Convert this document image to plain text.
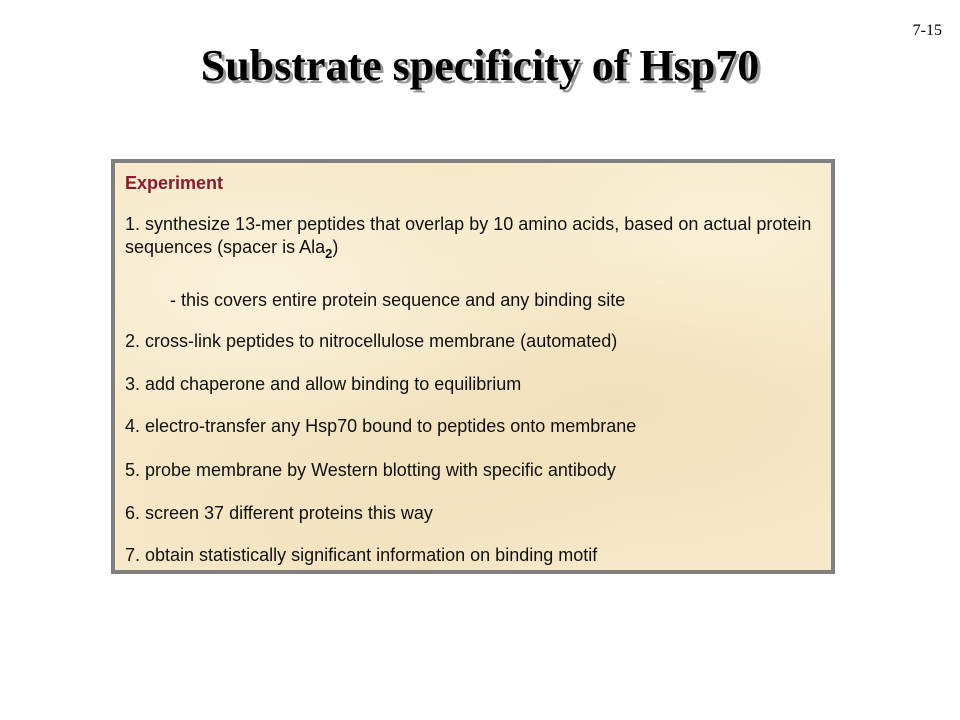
7-15
Substrate specificity of Hsp70
Experiment
1. synthesize 13-mer peptides that overlap by 10 amino acids, based on actual protein sequences (spacer is Ala$_2$)
- this covers entire protein sequence and any binding site
2. cross-link peptides to nitrocellulose membrane (automated)
3. add chaperone and allow binding to equilibrium
4. electro-transfer any Hsp70 bound to peptides onto membrane
5. probe membrane by Western blotting with specific antibody
6. screen 37 different proteins this way
7. obtain statistically significant information on binding motif
